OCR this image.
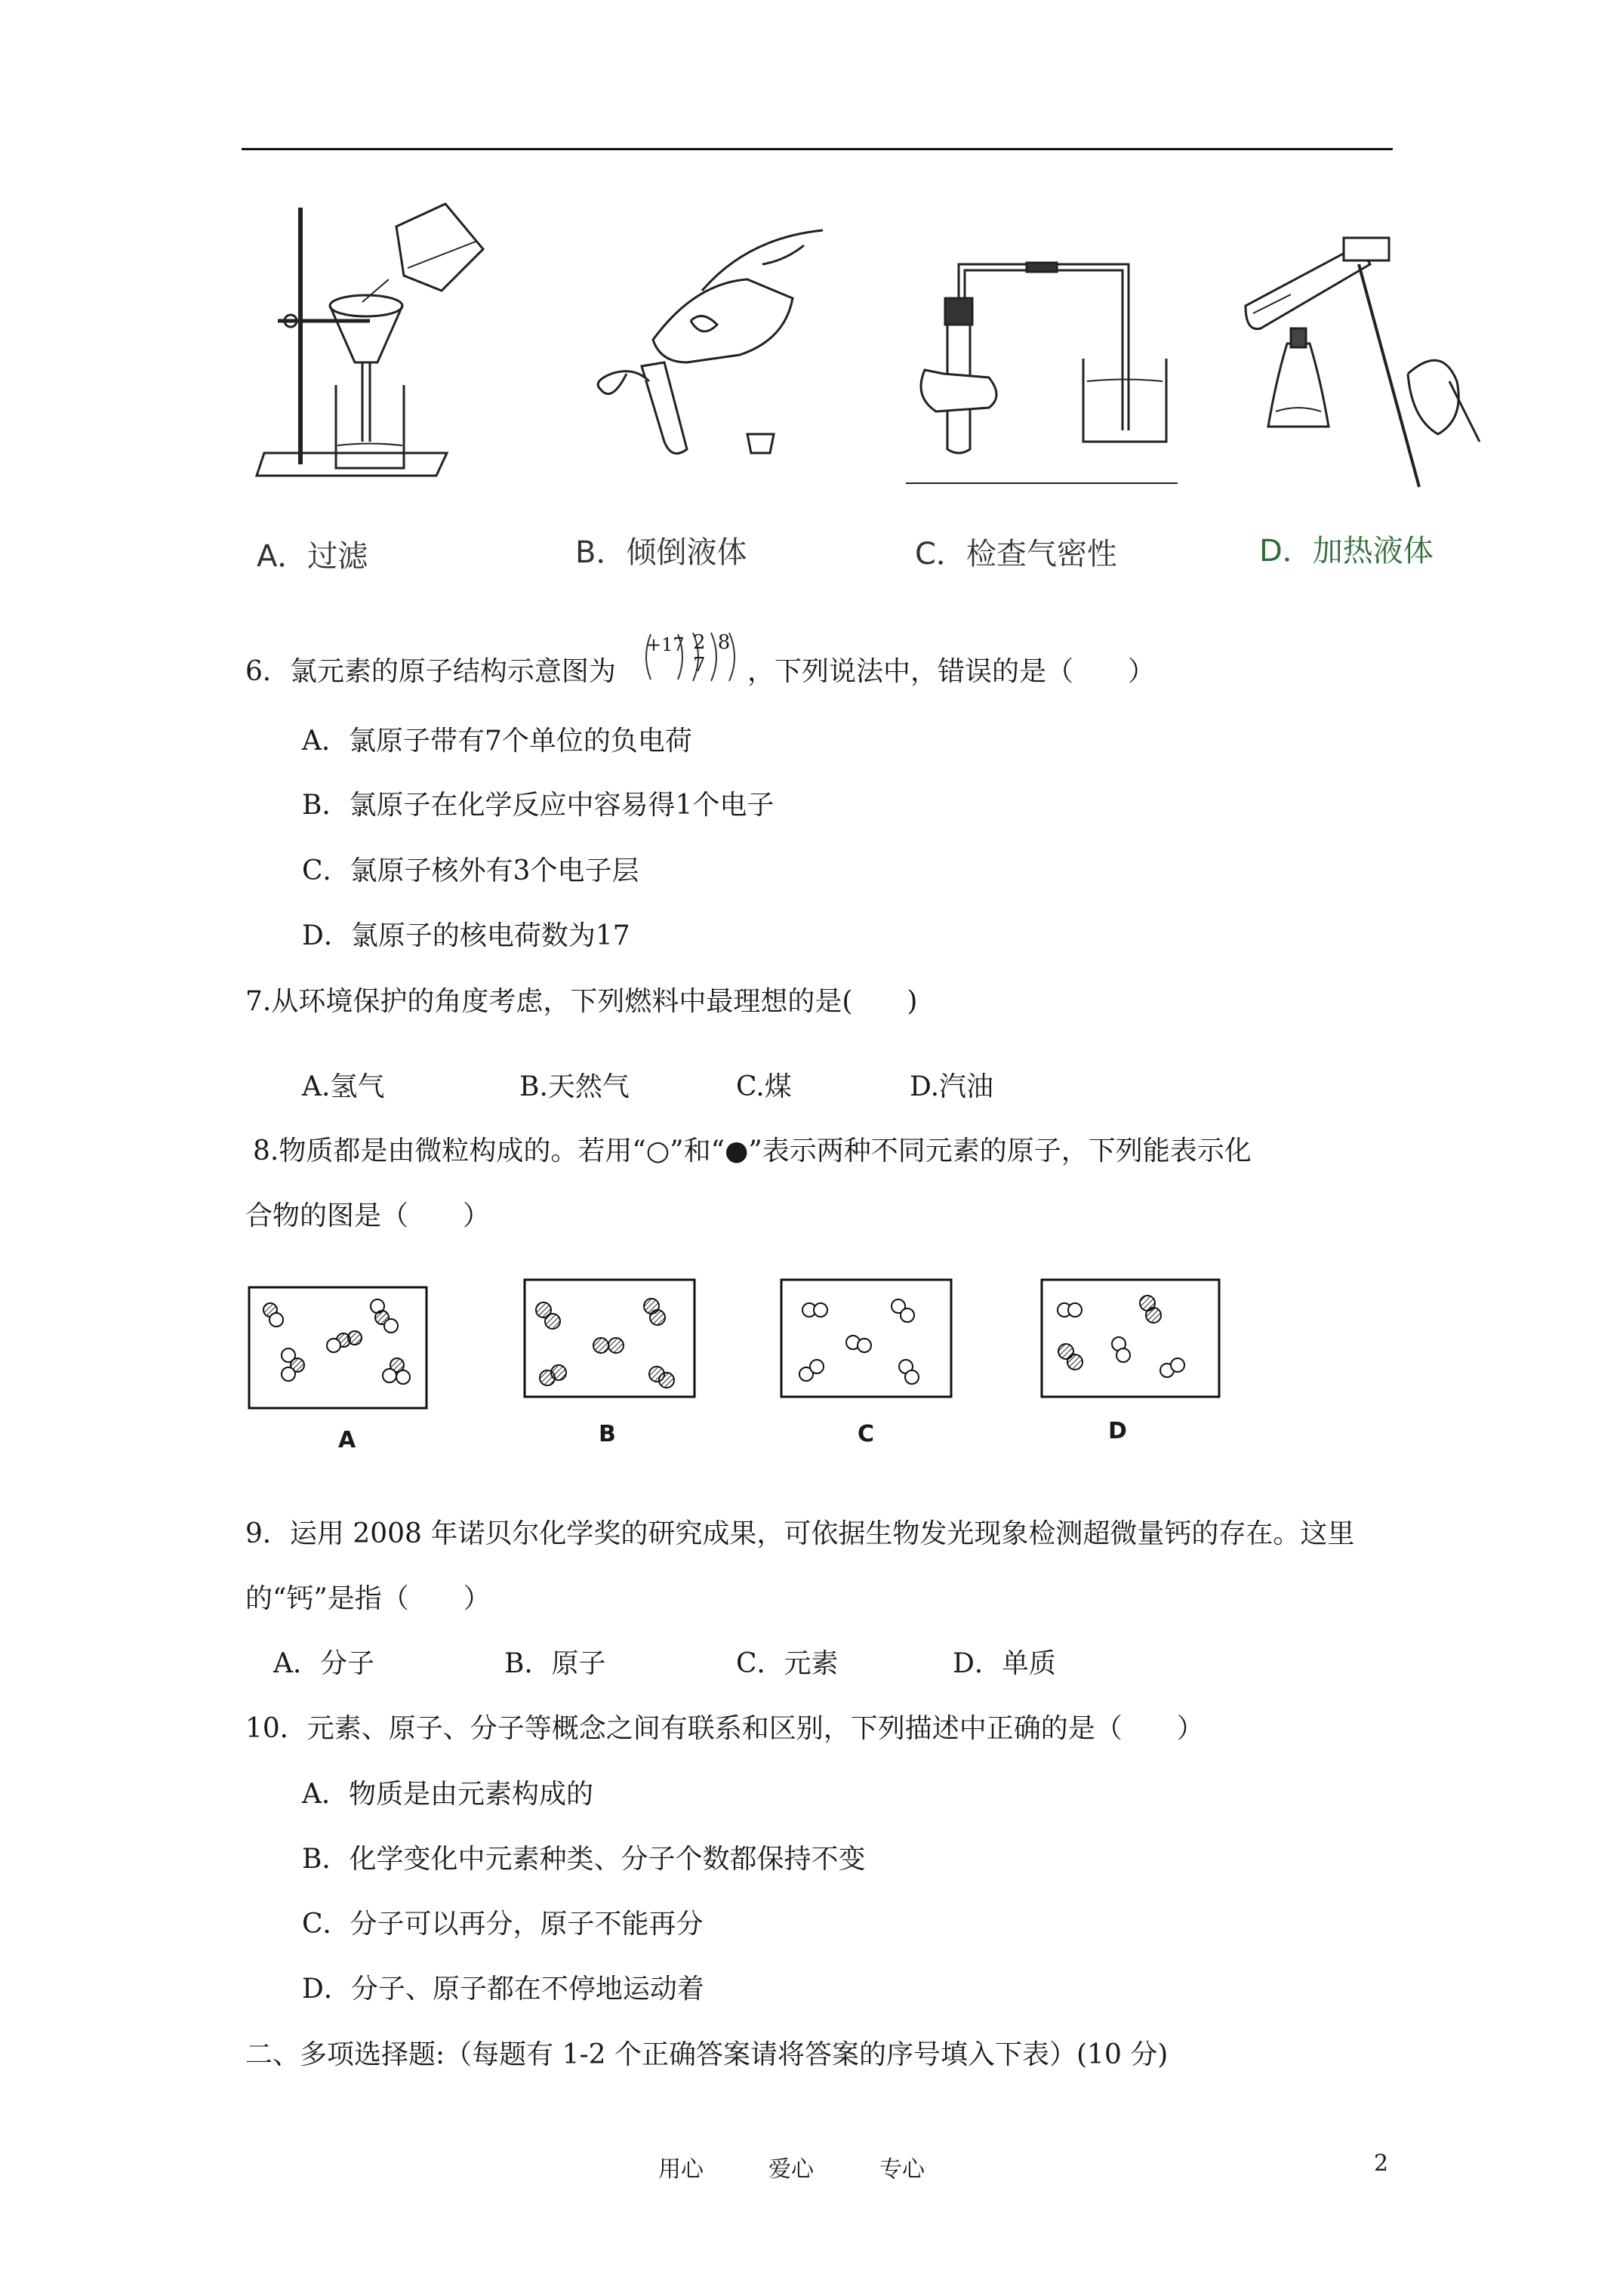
A．过滤	B．倾倒液体	C．检查气密性	D．加热液体
6．氯元素的原子结构示意图为
+17 2 8 7	，下列说法中，错误的是（　　）
A．氯原子带有7个单位的负电荷
B．氯原子在化学反应中容易得1个电子
C．氯原子核外有3个电子层
D．氯原子的核电荷数为17
7.从环境保护的角度考虑，下列燃料中最理想的是(　　)
A.氢气	B.天然气	C.煤	D.汽油
8.物质都是由微粒构成的。若用“○”和“●”表示两种不同元素的原子，下列能表示化
合物的图是（　　）
A	B	C	D
9．运用 2008 年诺贝尔化学奖的研究成果，可依据生物发光现象检测超微量钙的存在。这里
的“钙”是指（　　）
A．分子	B．原子	C．元素	D．单质
10．元素、原子、分子等概念之间有联系和区别，下列描述中正确的是（　　）
A．物质是由元素构成的
B．化学变化中元素种类、分子个数都保持不变
C．分子可以再分，原子不能再分
D．分子、原子都在不停地运动着
二、多项选择题:（每题有 1-2 个正确答案请将答案的序号填入下表）(10 分)
用心	爱心	专心	2
